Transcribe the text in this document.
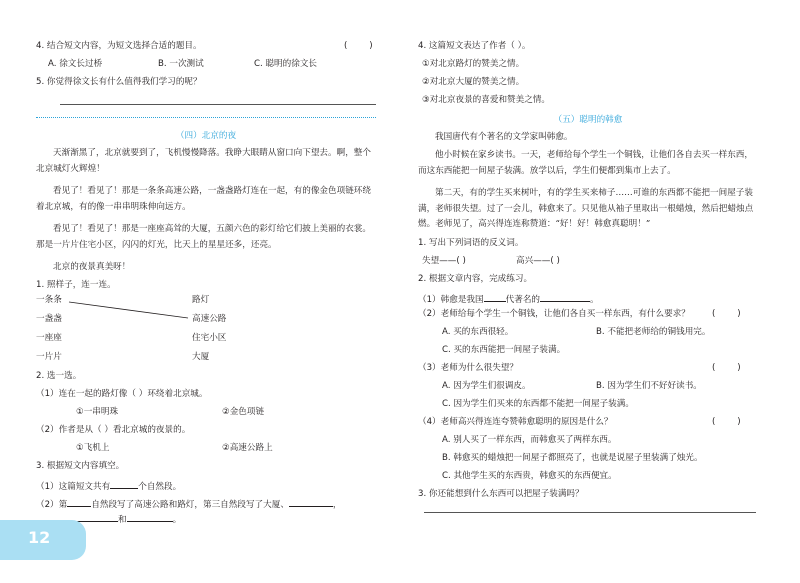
4. 结合短文内容，为短文选择合适的题目。	(        )
A. 徐文长过桥	B. 一次测试	C. 聪明的徐文长
5. 你觉得徐文长有什么值得我们学习的呢？
（四）北京的夜
天渐渐黑了，北京就要到了，飞机慢慢降落。我睁大眼睛从窗口向下望去。啊，整个北京城灯火辉煌！
看见了！看见了！那是一条条高速公路，一盏盏路灯连在一起，有的像金色项链环绕着北京城，有的像一串串明珠伸向远方。
看见了！看见了！那是一座座高耸的大厦，五颜六色的彩灯给它们披上美丽的衣裳。那是一片片住宅小区，闪闪的灯光，比天上的星星还多，还亮。
北京的夜景真美呀！
1. 照样子，连一连。
一条条
一盏盏
一座座
一片片
路灯
高速公路
住宅小区
大厦
2. 选一选。
（1）连在一起的路灯像（ ）环绕着北京城。
①一串明珠	②金色项链
（2）作者是从（ ）看北京城的夜景的。
①飞机上	②高速公路上
3. 根据短文内容填空。
（1）这篇短文共有	个自然段。
（2）第	自然段写了高速公路和路灯，第三自然段写了大厦、	，
和	。
12
4. 这篇短文表达了作者（ ）。
①对北京路灯的赞美之情。
②对北京大厦的赞美之情。
③对北京夜景的喜爱和赞美之情。
（五）聪明的韩愈
我国唐代有个著名的文学家叫韩愈。
他小时候在家乡读书。一天，老师给每个学生一个铜钱，让他们各自去买一样东西，而这东西能把一间屋子装满。放学以后，学生们便都到集市上去了。
第二天，有的学生买来树叶，有的学生买来柿子……可谁的东西都不能把一间屋子装满，老师很失望。过了一会儿，韩愈来了。只见他从袖子里取出一根蜡烛，然后把蜡烛点燃。老师见了，高兴得连连称赞道：“好！好！韩愈真聪明！”
1. 写出下列词语的反义词。
失望——( )	高兴——( )
2. 根据文章内容，完成练习。
（1）韩愈是我国	代著名的	。
（2）老师给每个学生一个铜钱，让他们各自买一样东西，有什么要求？	(        )
A. 买的东西很轻。	B. 不能把老师给的铜钱用完。
C. 买的东西能把一间屋子装满。
（3）老师为什么很失望？	(        )
A. 因为学生们很调皮。	B. 因为学生们不好好读书。
C. 因为学生们买来的东西都不能把一间屋子装满。
（4）老师高兴得连连夸赞韩愈聪明的原因是什么？	(        )
A. 别人买了一样东西，而韩愈买了两样东西。
B. 韩愈买的蜡烛把一间屋子都照亮了，也就是说屋子里装满了烛光。
C. 其他学生买的东西贵，韩愈买的东西便宜。
3. 你还能想到什么东西可以把屋子装满吗？
